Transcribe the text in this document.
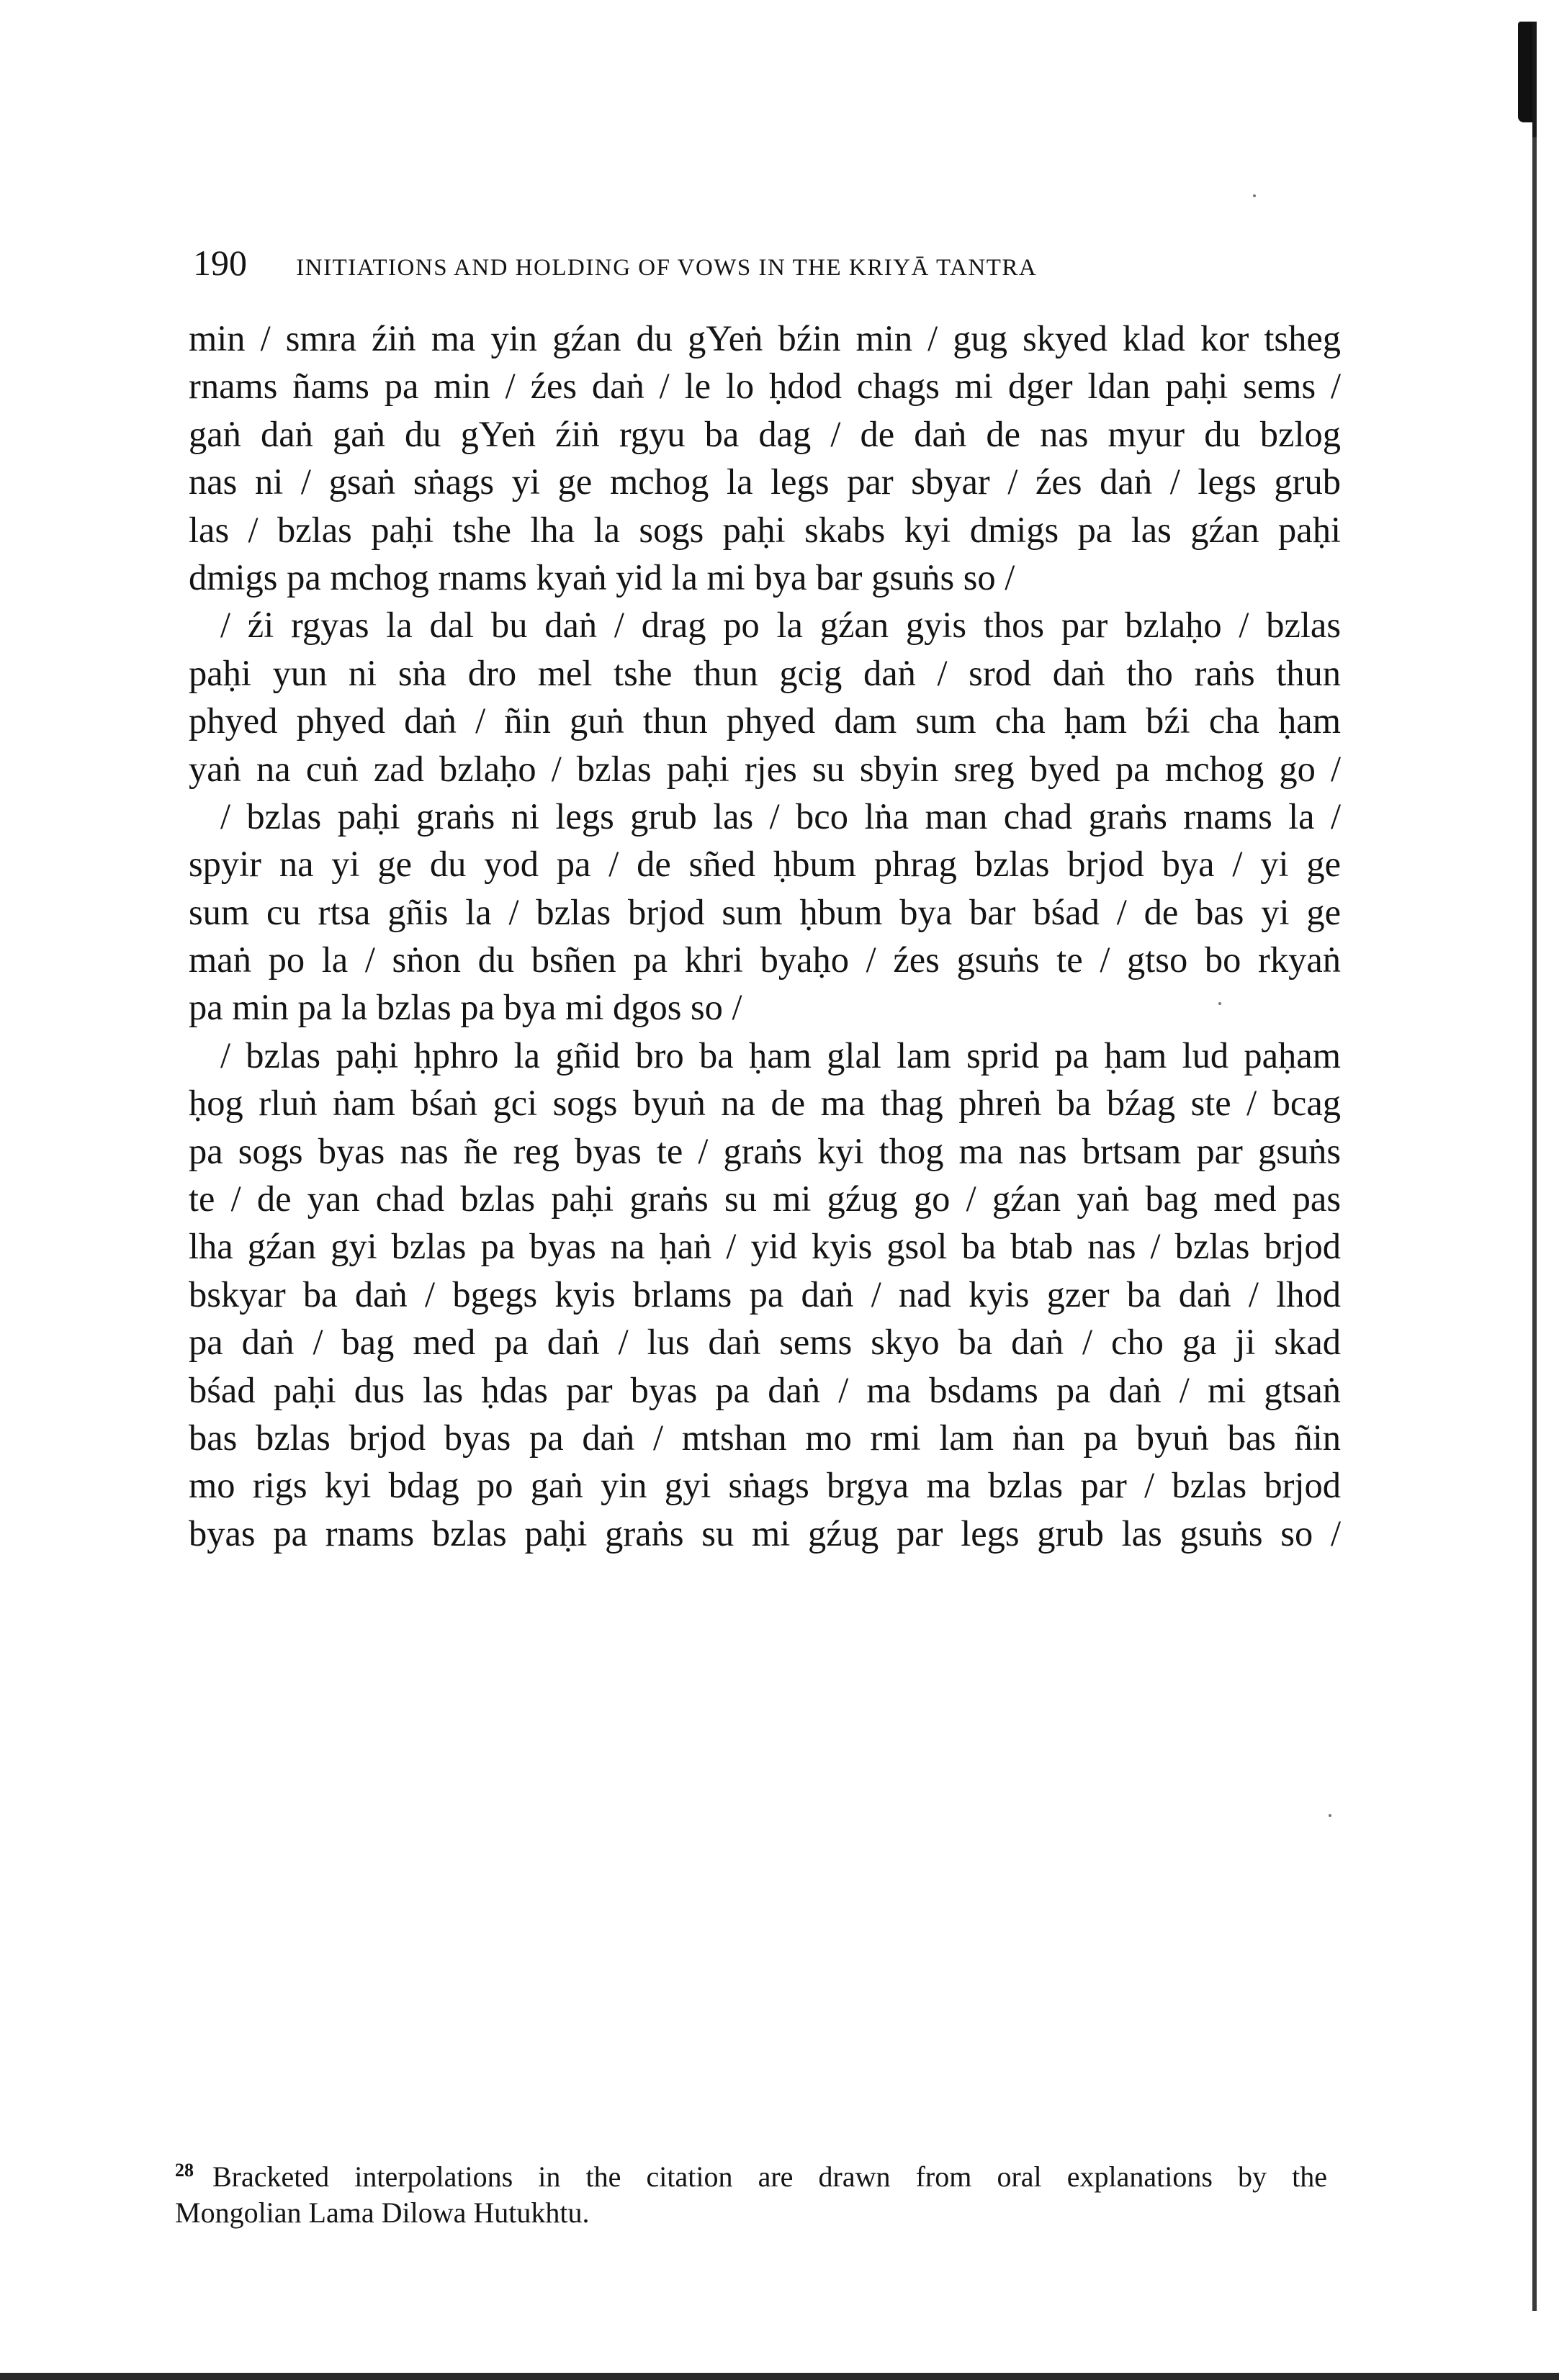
190 INITIATIONS AND HOLDING OF VOWS IN THE KRIYĀ TANTRA
min / smra źiṅ ma yin gźan du gYeṅ bźin min / gug skyed klad kor tsheg
rnams ñams pa min / źes daṅ / le lo ḥdod chags mi dger ldan paḥi sems /
gaṅ daṅ gaṅ du gYeṅ źiṅ rgyu ba dag / de daṅ de nas myur du bzlog
nas ni / gsaṅ sṅags yi ge mchog la legs par sbyar / źes daṅ / legs grub
las / bzlas paḥi tshe lha la sogs paḥi skabs kyi dmigs pa las gźan paḥi
dmigs pa mchog rnams kyaṅ yid la mi bya bar gsuṅs so /
/ źi rgyas la dal bu daṅ / drag po la gźan gyis thos par bzlaḥo / bzlas
paḥi yun ni sṅa dro mel tshe thun gcig daṅ / srod daṅ tho raṅs thun
phyed phyed daṅ / ñin guṅ thun phyed dam sum cha ḥam bźi cha ḥam
yaṅ na cuṅ zad bzlaḥo / bzlas paḥi rjes su sbyin sreg byed pa mchog go /
/ bzlas paḥi graṅs ni legs grub las / bco lṅa man chad graṅs rnams la /
spyir na yi ge du yod pa / de sñed ḥbum phrag bzlas brjod bya / yi ge
sum cu rtsa gñis la / bzlas brjod sum ḥbum bya bar bśad / de bas yi ge
maṅ po la / sṅon du bsñen pa khri byaḥo / źes gsuṅs te / gtso bo rkyaṅ
pa min pa la bzlas pa bya mi dgos so /
/ bzlas paḥi ḥphro la gñid bro ba ḥam glal lam sprid pa ḥam lud paḥam
ḥog rluṅ ṅam bśaṅ gci sogs byuṅ na de ma thag phreṅ ba bźag ste / bcag
pa sogs byas nas ñe reg byas te / graṅs kyi thog ma nas brtsam par gsuṅs
te / de yan chad bzlas paḥi graṅs su mi gźug go / gźan yaṅ bag med pas
lha gźan gyi bzlas pa byas na ḥaṅ / yid kyis gsol ba btab nas / bzlas brjod
bskyar ba daṅ / bgegs kyis brlams pa daṅ / nad kyis gzer ba daṅ / lhod
pa daṅ / bag med pa daṅ / lus daṅ sems skyo ba daṅ / cho ga ji skad
bśad paḥi dus las ḥdas par byas pa daṅ / ma bsdams pa daṅ / mi gtsaṅ
bas bzlas brjod byas pa daṅ / mtshan mo rmi lam ṅan pa byuṅ bas ñin
mo rigs kyi bdag po gaṅ yin gyi sṅags brgya ma bzlas par / bzlas brjod
byas pa rnams bzlas paḥi graṅs su mi gźug par legs grub las gsuṅs so /
$^{28}$ Bracketed interpolations in the citation are drawn from oral explanations by the
Mongolian Lama Dilowa Hutukhtu.
